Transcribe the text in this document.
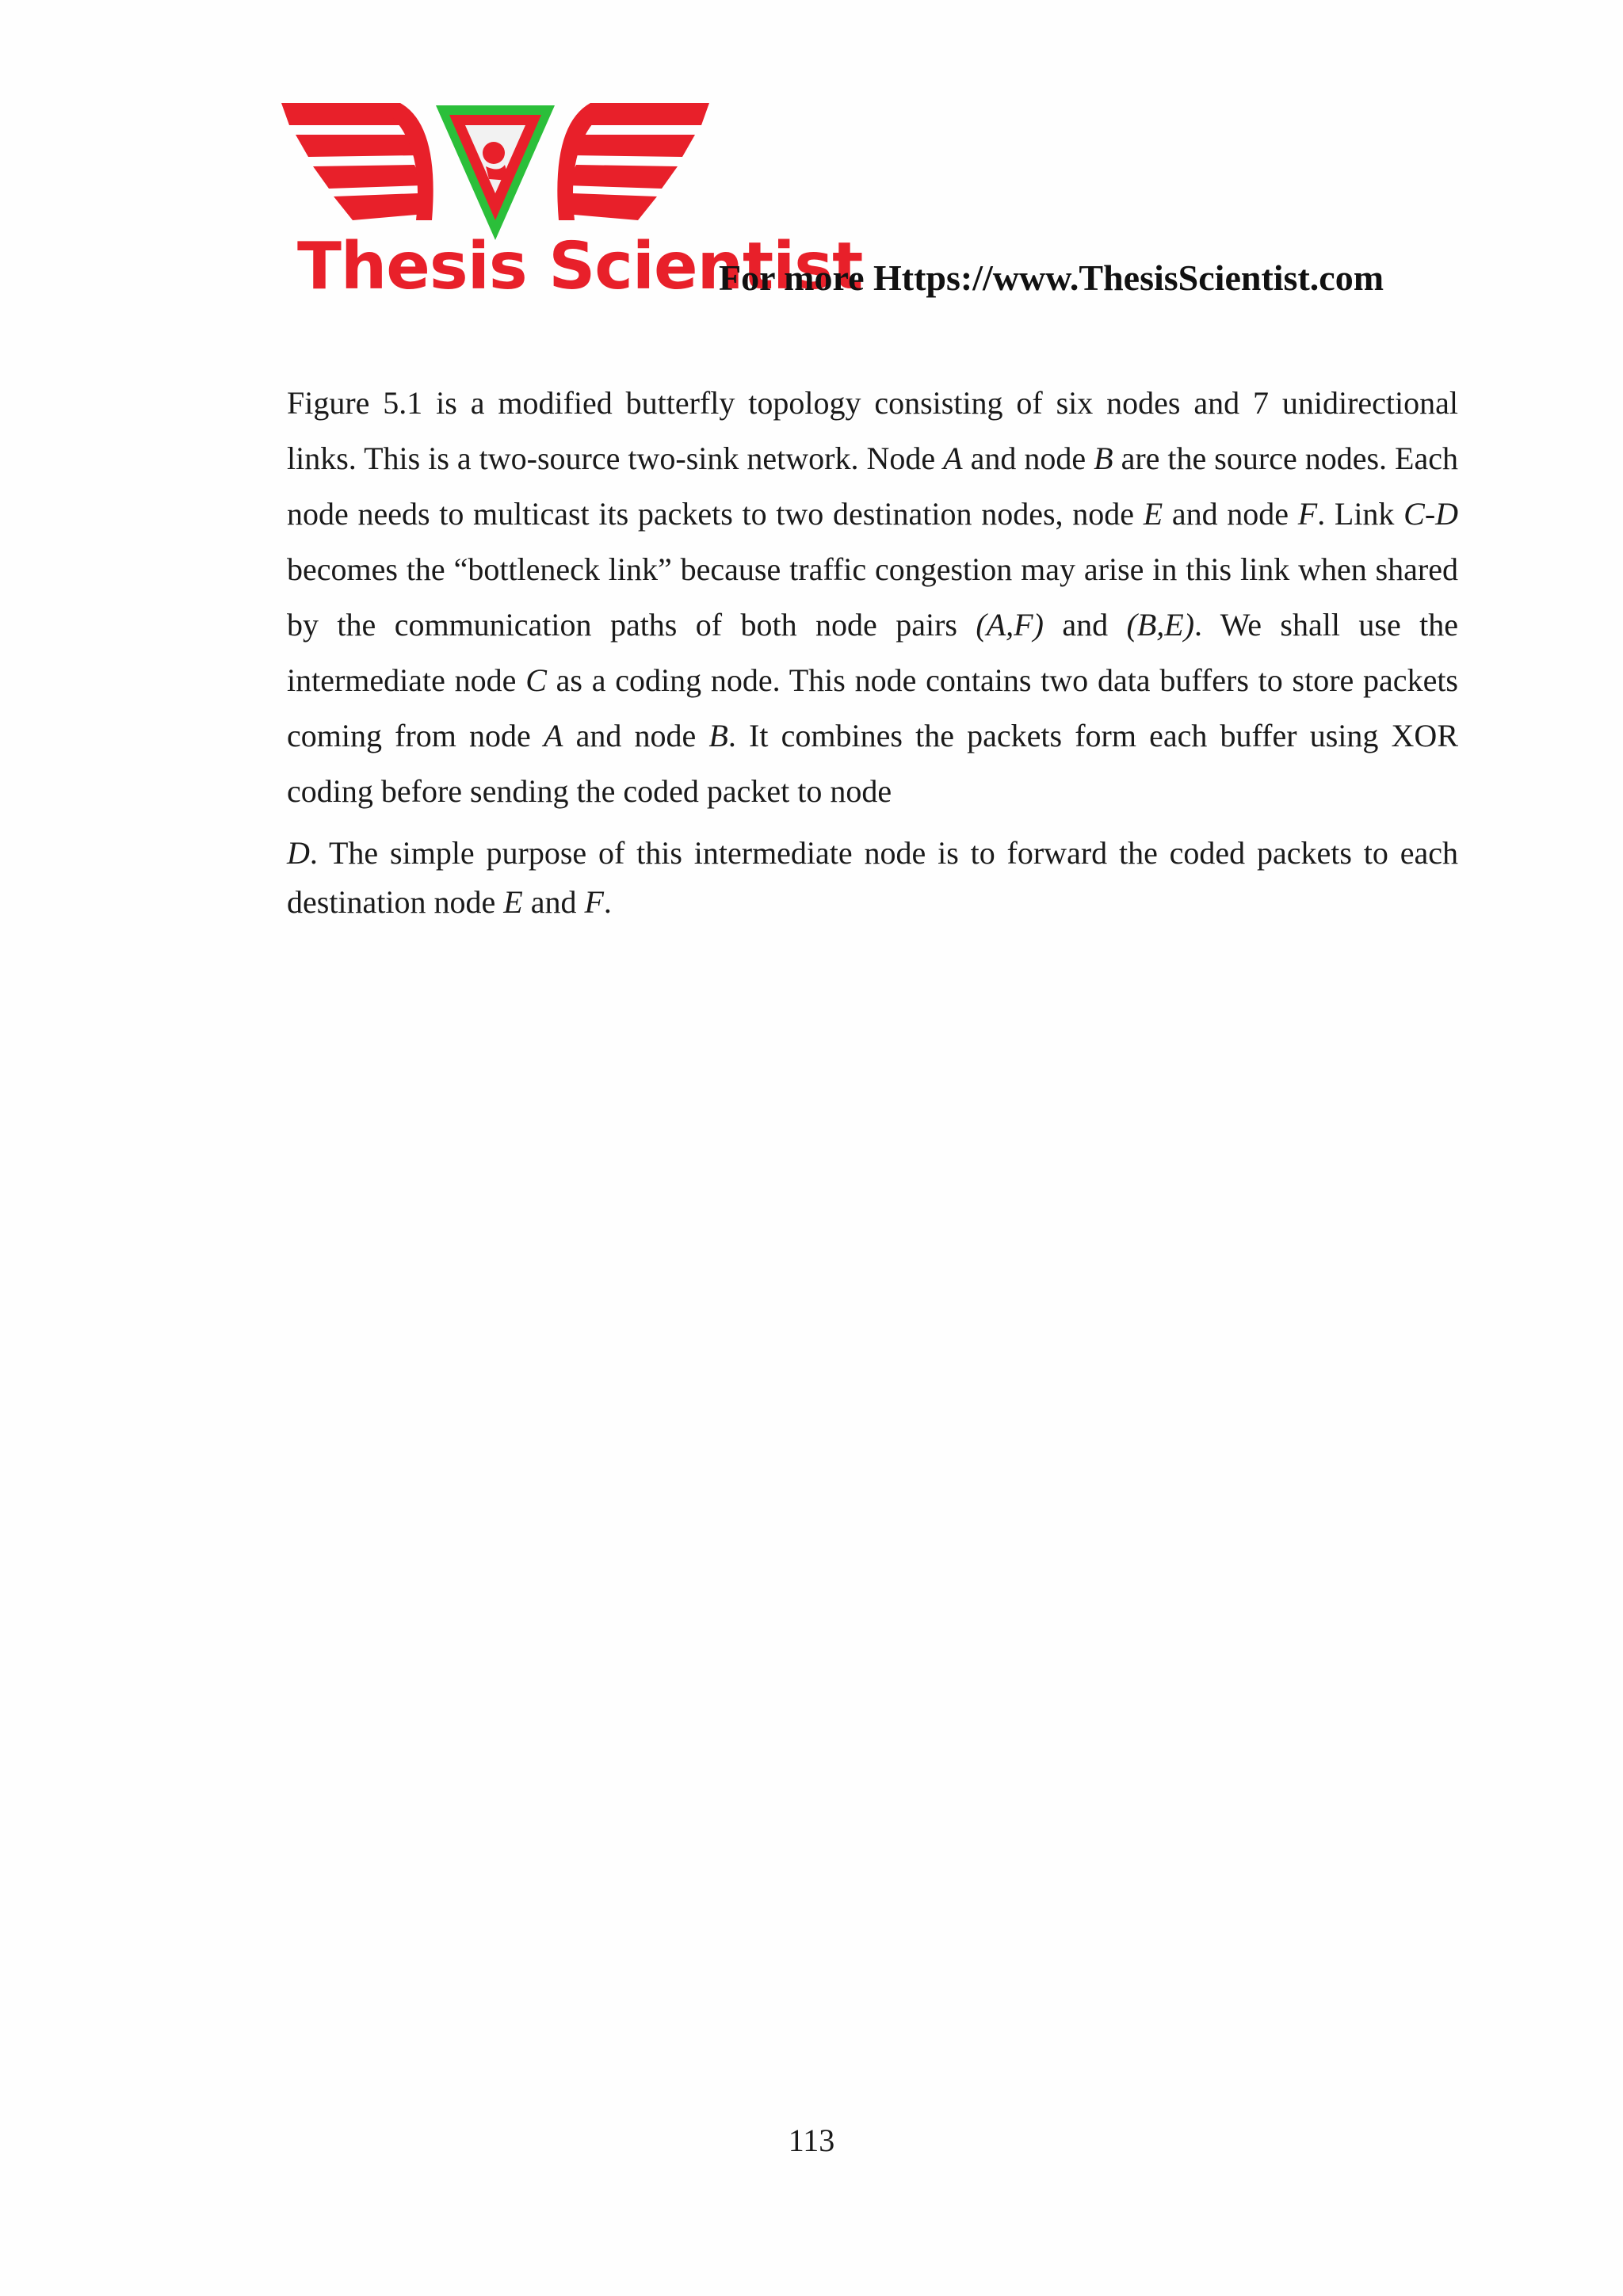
Thesis Scientist
For more Https://www.ThesisScientist.com

Figure 5.1 is a modified butterfly topology consisting of six nodes and 7 unidirectional links. This is a two-source two-sink network. Node A and node B are the source nodes. Each node needs to multicast its packets to two destination nodes, node E and node F. Link C-D becomes the “bottleneck link” because traffic congestion may arise in this link when shared by the communication paths of both node pairs (A,F) and (B,E). We shall use the intermediate node C as a coding node. This node contains two data buffers to store packets coming from node A and node B. It combines the packets form each buffer using XOR coding before sending the coded packet to node

D. The simple purpose of this intermediate node is to forward the coded packets to each destination node E and F.

113
